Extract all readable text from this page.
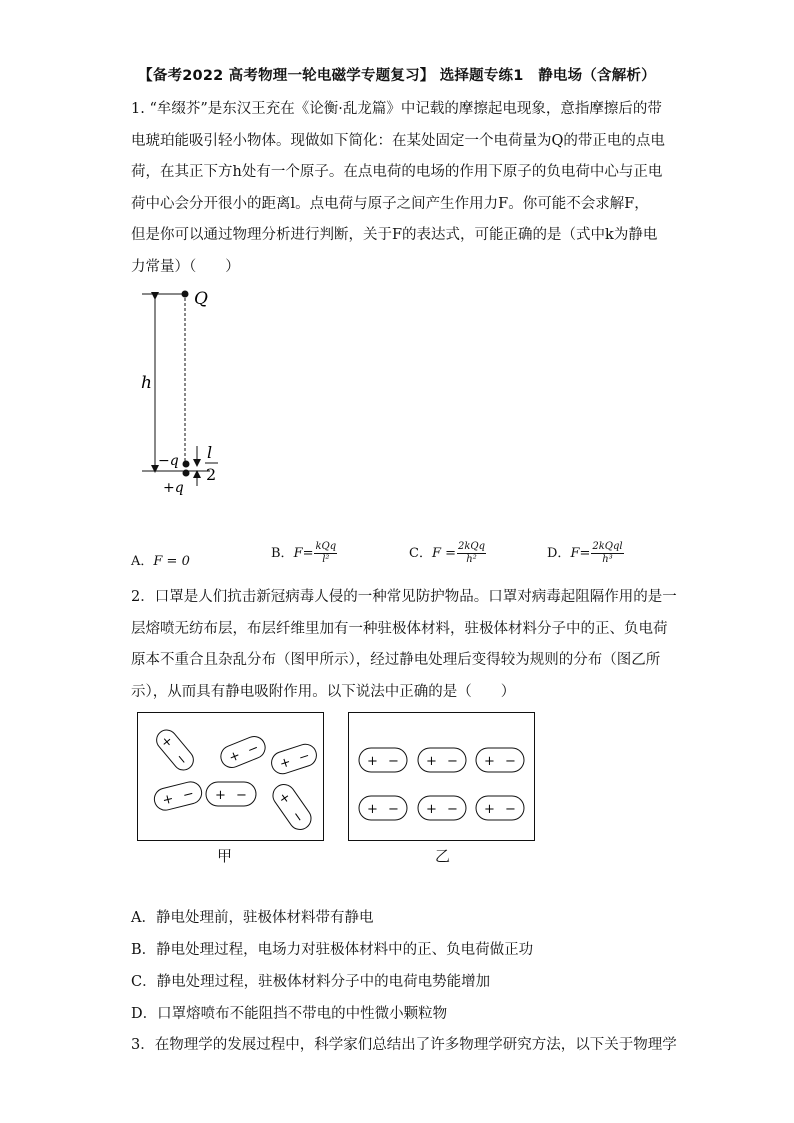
【备考2022 高考物理一轮电磁学专题复习】 选择题专练1　静电场（含解析）
1. “牟缀芥”是东汉王充在《论衡·乱龙篇》中记载的摩擦起电现象，意指摩擦后的带
电琥珀能吸引轻小物体。现做如下简化：在某处固定一个电荷量为Q的带正电的点电
荷，在其正下方h处有一个原子。在点电荷的电场的作用下原子的负电荷中心与正电
荷中心会分开很小的距离l。点电荷与原子之间产生作用力F。你可能不会求解F，
但是你可以通过物理分析进行判断，关于F的表达式，可能正确的是（式中k为静电
力常量）（　　）
Q
h
−q
+q
l
2
A．F = 0
B．$F= \frac{\text{kQq}}{\text{l²}}$	C．$F = \frac{\text{2kQq}}{\text{h²}}$	D．$F= \frac{\text{2kQql}}{\text{h³}}$
2．口罩是人们抗击新冠病毒人侵的一种常见防护物品。口罩对病毒起阻隔作用的是一
层熔喷无纺布层，布层纤维里加有一种驻极体材料，驻极体材料分子中的正、负电荷
原本不重合且杂乱分布（图甲所示），经过静电处理后变得较为规则的分布（图乙所
示），从而具有静电吸附作用。以下说法中正确的是（　　）
+
−	+ −
+ −
+ − + − +
−
甲
+ − + − + −
+ − + − + −
乙
A．静电处理前，驻极体材料带有静电
B．静电处理过程，电场力对驻极体材料中的正、负电荷做正功
C．静电处理过程，驻极体材料分子中的电荷电势能增加
D．口罩熔喷布不能阻挡不带电的中性微小颗粒物
3．在物理学的发展过程中，科学家们总结出了许多物理学研究方法，以下关于物理学
